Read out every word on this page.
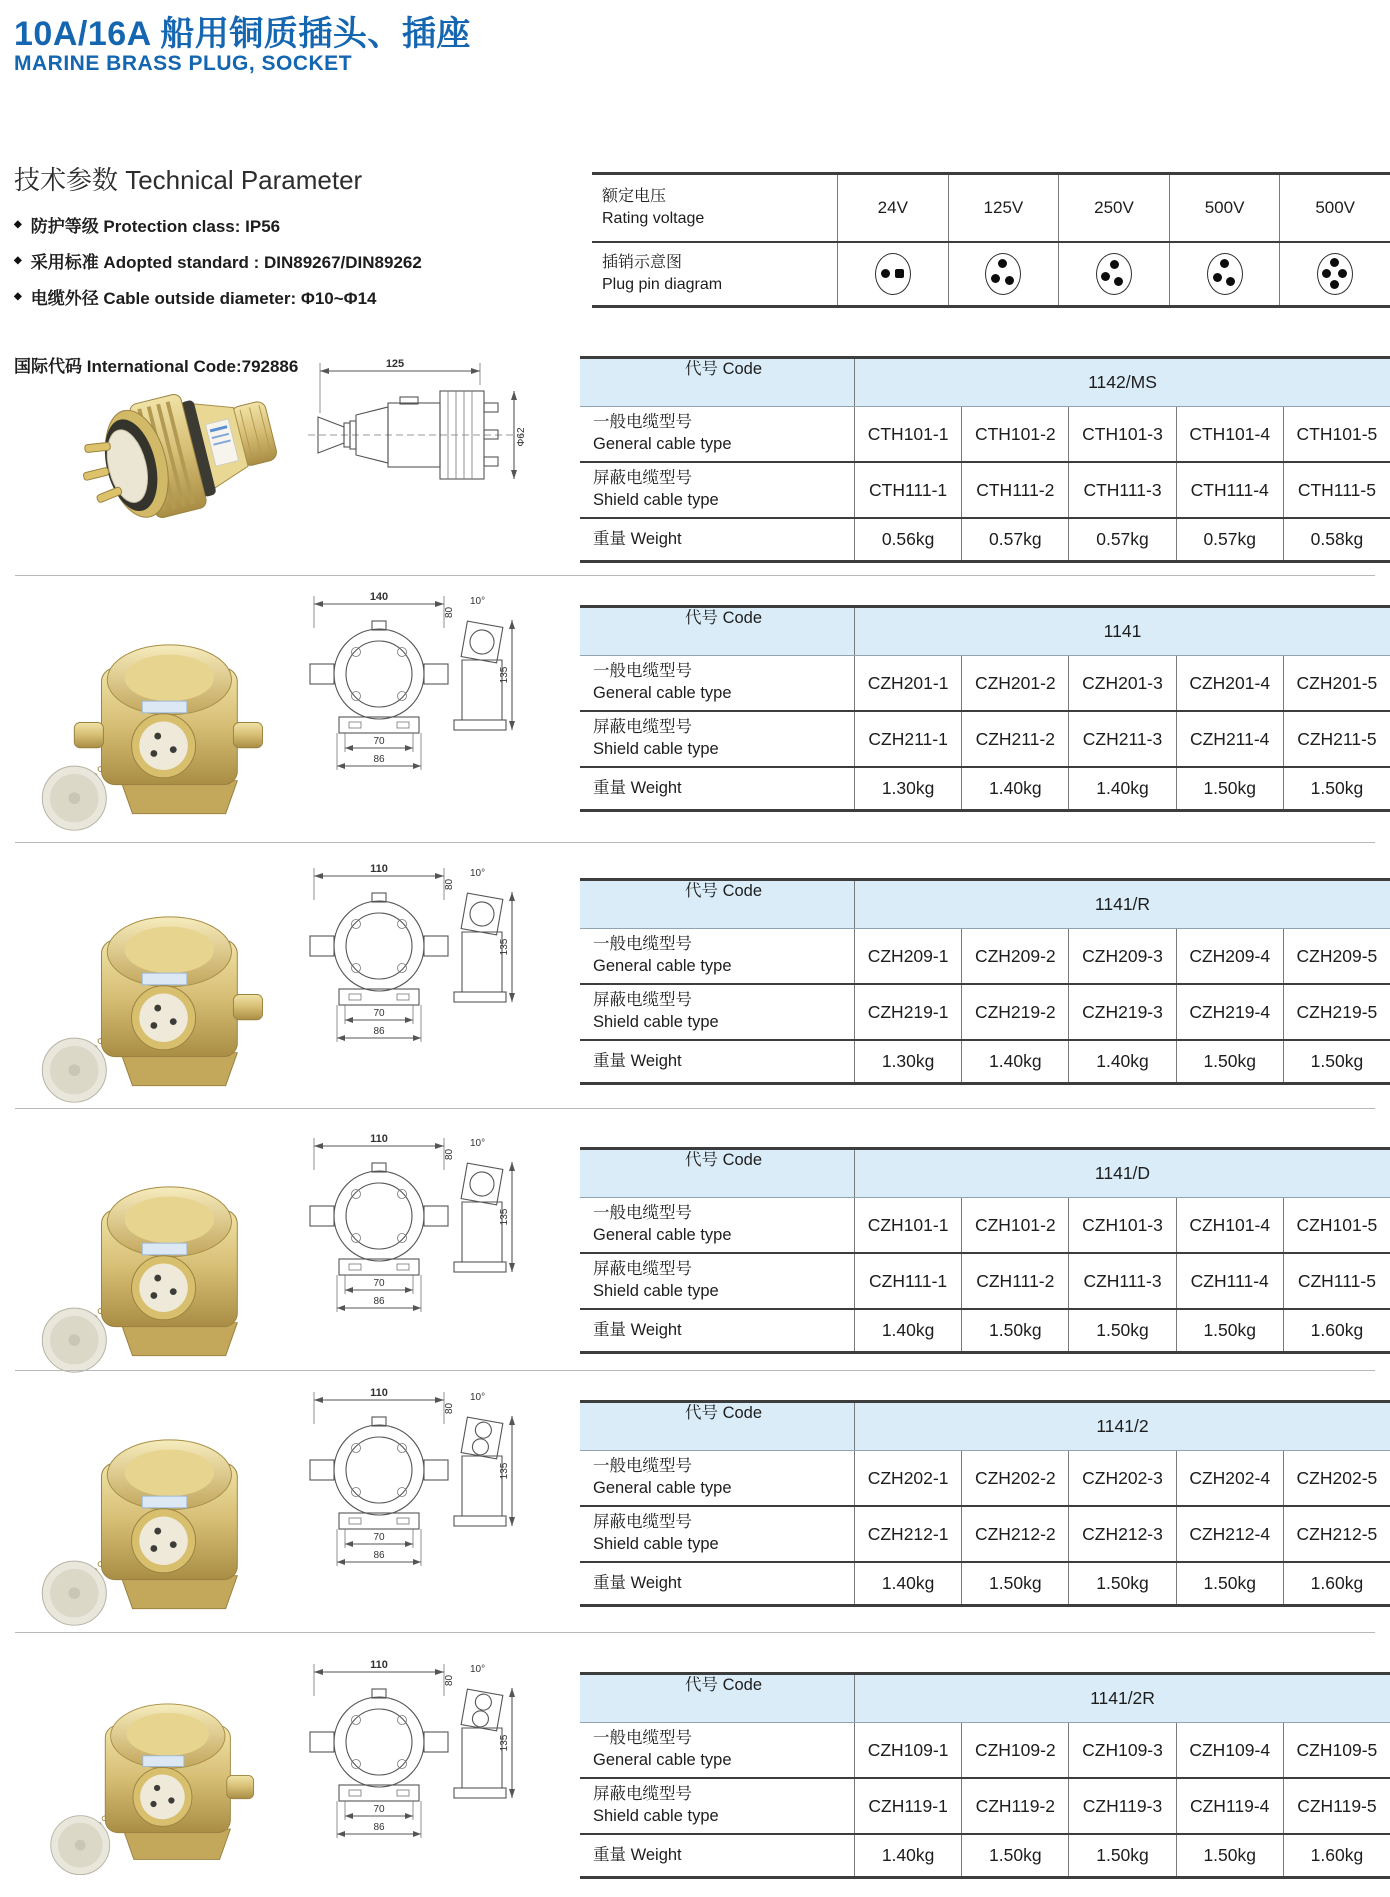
10A/16A 船用铜质插头、插座
MARINE BRASS PLUG, SOCKET
技术参数 Technical Parameter
◆ 防护等级 Protection class: IP56
◆ 采用标准 Adopted standard : DIN89267/DIN89262
◆ 电缆外径 Cable outside diameter: Φ10~Φ14
国际代码 International Code:792886
额定电压
Rating voltage
24V	125V	250V	500V	500V
插销示意图
Plug pin diagram
125
Φ62
代号 Code
1142/MS
一般电缆型号
General cable type
CTH101-1	CTH101-2	CTH101-3	CTH101-4	CTH101-5
屏蔽电缆型号
Shield cable type
CTH111-1	CTH111-2	CTH111-3	CTH111-4	CTH111-5
重量 Weight	0.56kg	0.57kg	0.57kg	0.57kg	0.58kg
140
70
86
10°
80
135
代号 Code
1141
一般电缆型号
General cable type
CZH201-1	CZH201-2	CZH201-3	CZH201-4	CZH201-5
屏蔽电缆型号
Shield cable type
CZH211-1	CZH211-2	CZH211-3	CZH211-4	CZH211-5
重量 Weight	1.30kg	1.40kg	1.40kg	1.50kg	1.50kg
110
70
86
10°
80
135
代号 Code
1141/R
一般电缆型号
General cable type
CZH209-1	CZH209-2	CZH209-3	CZH209-4	CZH209-5
屏蔽电缆型号
Shield cable type
CZH219-1	CZH219-2	CZH219-3	CZH219-4	CZH219-5
重量 Weight	1.30kg	1.40kg	1.40kg	1.50kg	1.50kg
110
70
86
10°
80
135
代号 Code
1141/D
一般电缆型号
General cable type
CZH101-1	CZH101-2	CZH101-3	CZH101-4	CZH101-5
屏蔽电缆型号
Shield cable type
CZH111-1	CZH111-2	CZH111-3	CZH111-4	CZH111-5
重量 Weight	1.40kg	1.50kg	1.50kg	1.50kg	1.60kg
110
70
86
10°
80
135
代号 Code
1141/2
一般电缆型号
General cable type
CZH202-1	CZH202-2	CZH202-3	CZH202-4	CZH202-5
屏蔽电缆型号
Shield cable type
CZH212-1	CZH212-2	CZH212-3	CZH212-4	CZH212-5
重量 Weight	1.40kg	1.50kg	1.50kg	1.50kg	1.60kg
110
70
86
10°
80
135
代号 Code
1141/2R
一般电缆型号
General cable type
CZH109-1	CZH109-2	CZH109-3	CZH109-4	CZH109-5
屏蔽电缆型号
Shield cable type
CZH119-1	CZH119-2	CZH119-3	CZH119-4	CZH119-5
重量 Weight	1.40kg	1.50kg	1.50kg	1.50kg	1.60kg
